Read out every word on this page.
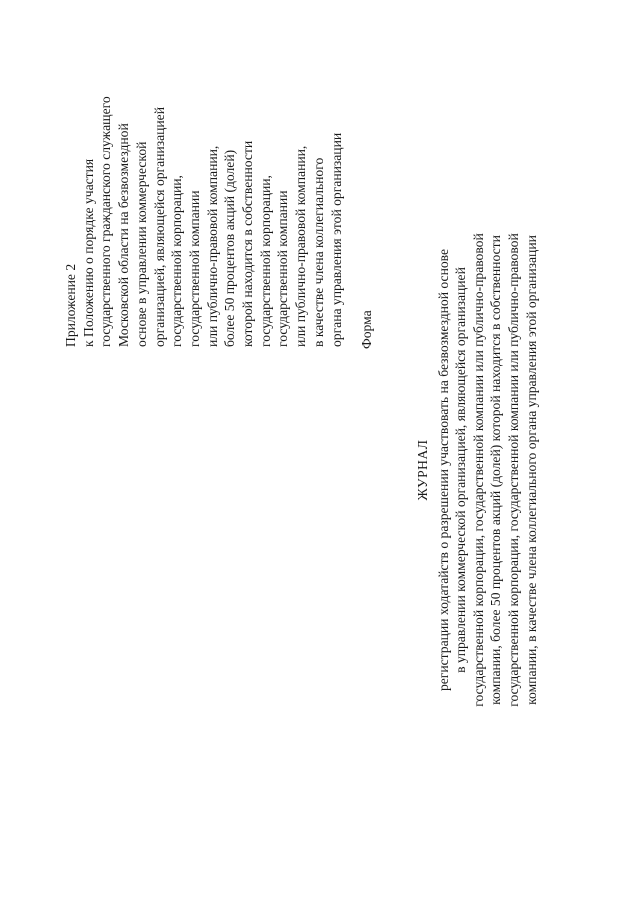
Приложение 2 к Положению о порядке участия государственного гражданского служащего Московской области на безвозмездной основе в управлении коммерческой организацией, являющейся организацией государственной корпорации, государственной компании или публично-правовой компании, более 50 процентов акций (долей) которой находится в собственности государственной корпорации, государственной компании или публично-правовой компании, в качестве члена коллегиального органа управления этой организации Форма
ЖУРНАЛ регистрации ходатайств о разрешении участвовать на безвозмездной основе в управлении коммерческой организацией, являющейся организацией государственной корпорации, государственной компании или публично-правовой компании, более 50 процентов акций (долей) которой находится в собственности государственной корпорации, государственной компании или публично-правовой компании, в качестве члена коллегиального органа управления этой организации
